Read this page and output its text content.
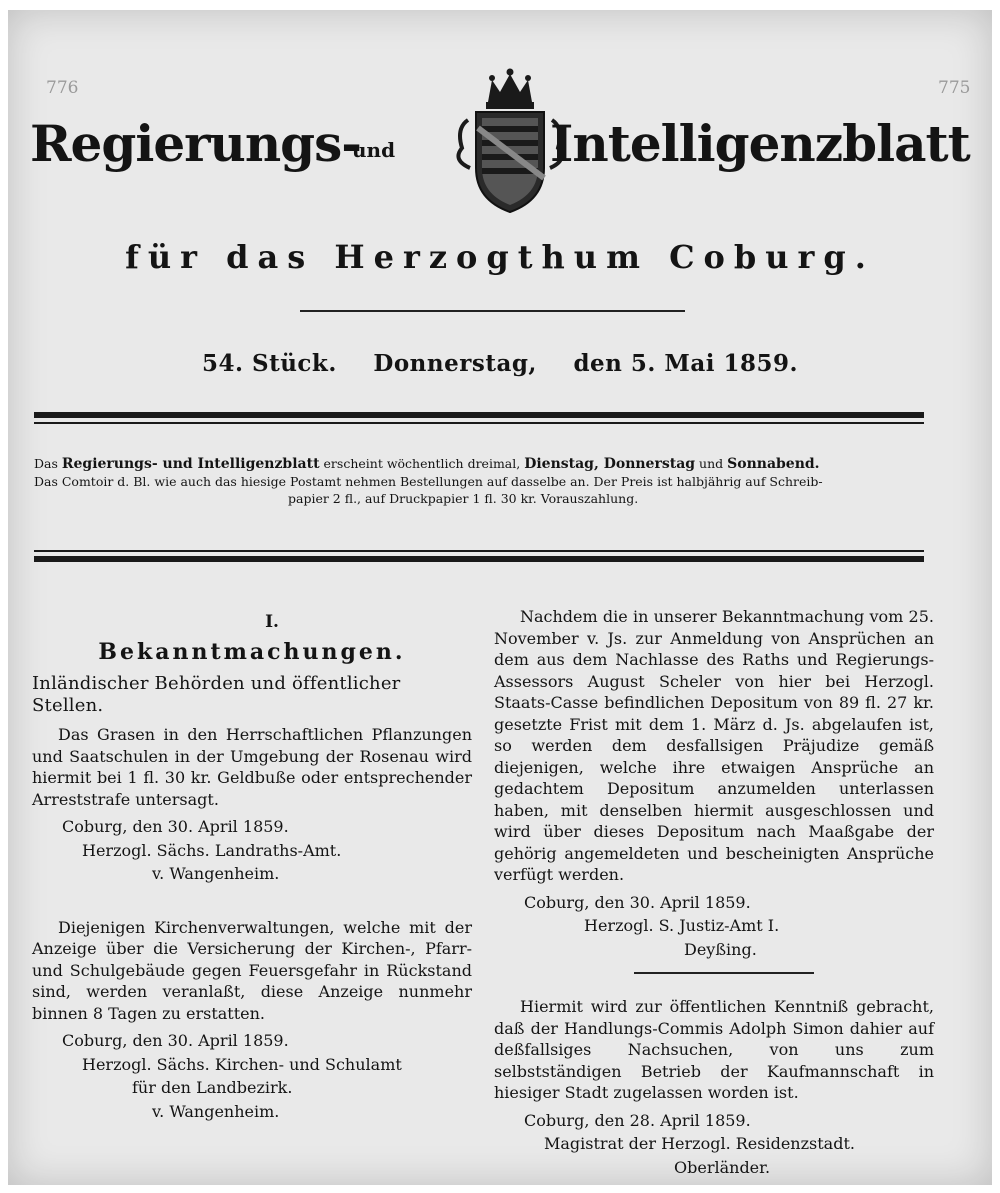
776	775
Regierungs-
und	Intelligenzblatt
für das Herzogthum Coburg.
54. Stück. Donnerstag, den 5. Mai 1859.
Das Regierungs- und Intelligenzblatt erscheint wöchentlich dreimal, Dienstag, Donnerstag und Sonnabend.
Das Comtoir d. Bl. wie auch das hiesige Postamt nehmen Bestellungen auf dasselbe an. Der Preis ist halbjährig auf Schreib-
papier 2 fl., auf Druckpapier 1 fl. 30 kr. Vorauszahlung.
I.
Bekanntmachungen.
Inländischer Behörden und öffentlicher Stellen.

Das Grasen in den Herrschaftlichen Pflanzungen und Saatschulen in der Umgebung der Rosenau wird hiermit bei 1 fl. 30 kr. Geldbuße oder entsprechender Arreststrafe untersagt.

Coburg, den 30. April 1859.
Herzogl. Sächs. Landraths-Amt.
v. Wangenheim.

Diejenigen Kirchenverwaltungen, welche mit der Anzeige über die Versicherung der Kirchen-, Pfarr- und Schulgebäude gegen Feuersgefahr in Rückstand sind, werden veranlaßt, diese Anzeige nunmehr binnen 8 Tagen zu erstatten.

Coburg, den 30. April 1859.
Herzogl. Sächs. Kirchen- und Schulamt
für den Landbezirk.
v. Wangenheim.

Nachdem die in unserer Bekanntmachung vom 25. November v. Js. zur Anmeldung von Ansprüchen an dem aus dem Nachlasse des Raths und Regierungs-Assessors August Scheler von hier bei Herzogl. Staats-Casse befindlichen Depositum von 89 fl. 27 kr. gesetzte Frist mit dem 1. März d. Js. abgelaufen ist, so werden dem desfallsigen Präjudize gemäß diejenigen, welche ihre etwaigen Ansprüche an gedachtem Depositum anzumelden unterlassen haben, mit denselben hiermit ausgeschlossen und wird über dieses Depositum nach Maaßgabe der gehörig angemeldeten und bescheinigten Ansprüche verfügt werden.

Coburg, den 30. April 1859.
Herzogl. S. Justiz-Amt I.
Deyßing.

Hiermit wird zur öffentlichen Kenntniß gebracht, daß der Handlungs-Commis Adolph Simon dahier auf deßfallsiges Nachsuchen, von uns zum selbstständigen Betrieb der Kaufmannschaft in hiesiger Stadt zugelassen worden ist.

Coburg, den 28. April 1859.
Magistrat der Herzogl. Residenzstadt.
Oberländer.
